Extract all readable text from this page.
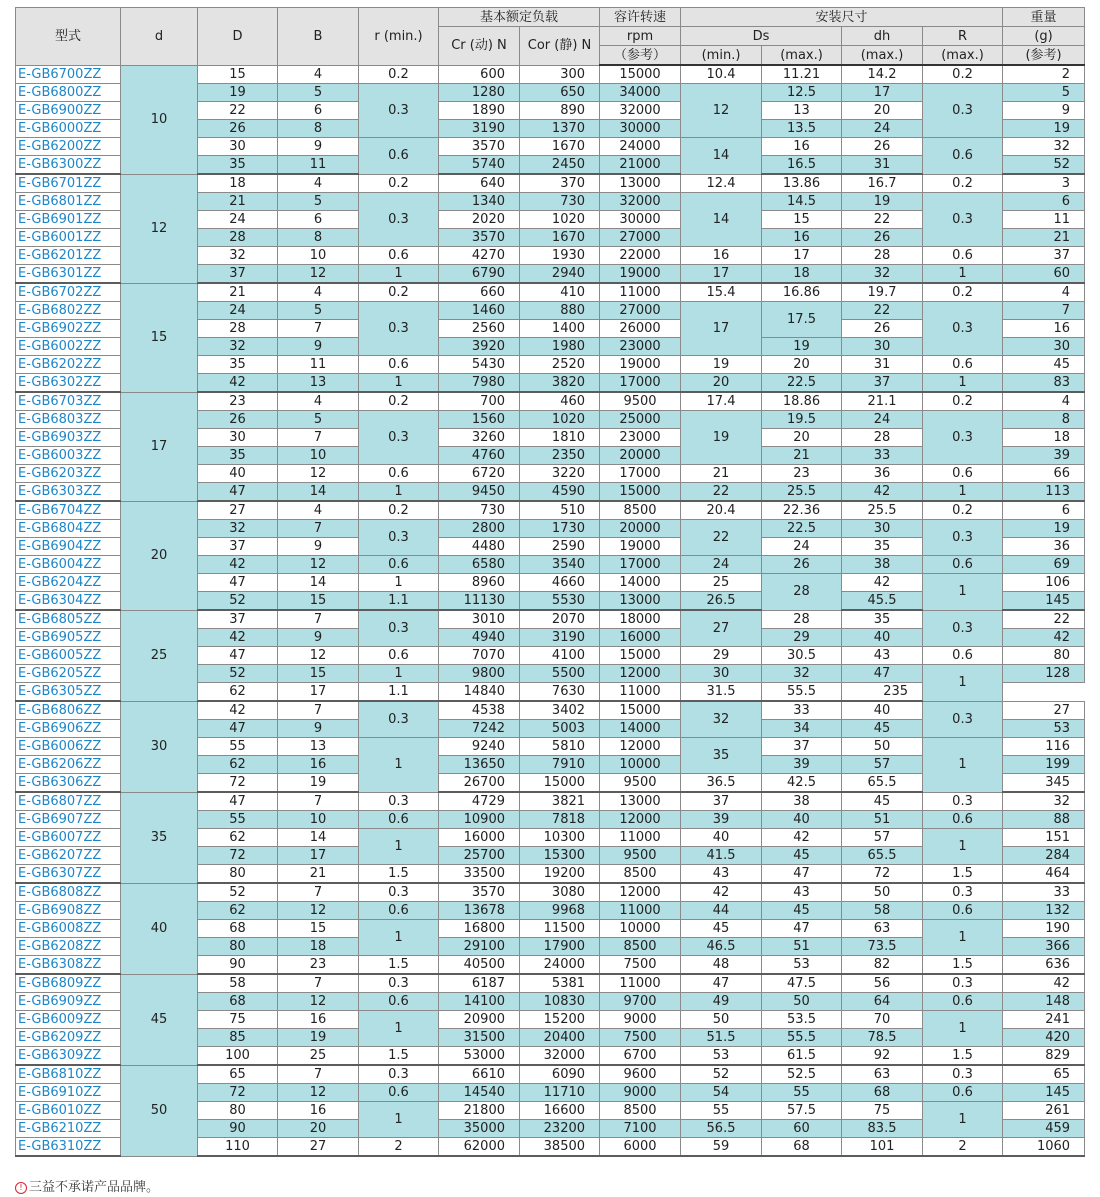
型式	d	D	B	r (min.)	基本额定负载		容许转速	安装尺寸				重量
					Cr (动) N	Cor (静) N	rpm	Ds		dh	R	(g)
							（参考）	(min.)	(max.)	(max.)	(max.)	(参考)
E-GB6700ZZ	10	15	4	0.2	600	300	15000	10.4	11.21	14.2	0.2	2
E-GB6800ZZ		19	5	0.3	1280	650	34000	12	12.5	17	0.3	5
E-GB6900ZZ		22	6		1890	890	32000		13	20		9
E-GB6000ZZ		26	8		3190	1370	30000		13.5	24		19
E-GB6200ZZ		30	9	0.6	3570	1670	24000	14	16	26	0.6	32
E-GB6300ZZ		35	11		5740	2450	21000		16.5	31		52
E-GB6701ZZ	12	18	4	0.2	640	370	13000	12.4	13.86	16.7	0.2	3
E-GB6801ZZ		21	5	0.3	1340	730	32000	14	14.5	19	0.3	6
E-GB6901ZZ		24	6		2020	1020	30000		15	22		11
E-GB6001ZZ		28	8		3570	1670	27000		16	26		21
E-GB6201ZZ		32	10	0.6	4270	1930	22000	16	17	28	0.6	37
E-GB6301ZZ		37	12	1	6790	2940	19000	17	18	32	1	60
E-GB6702ZZ	15	21	4	0.2	660	410	11000	15.4	16.86	19.7	0.2	4
E-GB6802ZZ		24	5	0.3	1460	880	27000	17	17.5	22	0.3	7
E-GB6902ZZ		28	7		2560	1400	26000			26		16
E-GB6002ZZ		32	9		3920	1980	23000		19	30		30
E-GB6202ZZ		35	11	0.6	5430	2520	19000	19	20	31	0.6	45
E-GB6302ZZ		42	13	1	7980	3820	17000	20	22.5	37	1	83
E-GB6703ZZ	17	23	4	0.2	700	460	9500	17.4	18.86	21.1	0.2	4
E-GB6803ZZ		26	5	0.3	1560	1020	25000	19	19.5	24	0.3	8
E-GB6903ZZ		30	7		3260	1810	23000		20	28		18
E-GB6003ZZ		35	10		4760	2350	20000		21	33		39
E-GB6203ZZ		40	12	0.6	6720	3220	17000	21	23	36	0.6	66
E-GB6303ZZ		47	14	1	9450	4590	15000	22	25.5	42	1	113
E-GB6704ZZ	20	27	4	0.2	730	510	8500	20.4	22.36	25.5	0.2	6
E-GB6804ZZ		32	7	0.3	2800	1730	20000	22	22.5	30	0.3	19
E-GB6904ZZ		37	9		4480	2590	19000		24	35		36
E-GB6004ZZ		42	12	0.6	6580	3540	17000	24	26	38	0.6	69
E-GB6204ZZ		47	14	1	8960	4660	14000	25	28	42	1	106
E-GB6304ZZ		52	15	1.1	11130	5530	13000	26.5		45.5		145
E-GB6805ZZ	25	37	7	0.3	3010	2070	18000	27	28	35	0.3	22
E-GB6905ZZ		42	9		4940	3190	16000		29	40		42
E-GB6005ZZ		47	12	0.6	7070	4100	15000	29	30.5	43	0.6	80
E-GB6205ZZ		52	15	1	9800	5500	12000	30	32	47	1	128
E-GB6305ZZ		62	17	1.1	14840	7630	11000	31.5	55.5	235		
E-GB6806ZZ	30	42	7	0.3	4538	3402	15000	32	33	40	0.3	27
E-GB6906ZZ		47	9		7242	5003	14000		34	45		53
E-GB6006ZZ		55	13	1	9240	5810	12000	35	37	50	1	116
E-GB6206ZZ		62	16		13650	7910	10000		39	57		199
E-GB6306ZZ		72	19		26700	15000	9500	36.5	42.5	65.5		345
E-GB6807ZZ	35	47	7	0.3	4729	3821	13000	37	38	45	0.3	32
E-GB6907ZZ		55	10	0.6	10900	7818	12000	39	40	51	0.6	88
E-GB6007ZZ		62	14	1	16000	10300	11000	40	42	57	1	151
E-GB6207ZZ		72	17		25700	15300	9500	41.5	45	65.5		284
E-GB6307ZZ		80	21	1.5	33500	19200	8500	43	47	72	1.5	464
E-GB6808ZZ	40	52	7	0.3	3570	3080	12000	42	43	50	0.3	33
E-GB6908ZZ		62	12	0.6	13678	9968	11000	44	45	58	0.6	132
E-GB6008ZZ		68	15	1	16800	11500	10000	45	47	63	1	190
E-GB6208ZZ		80	18		29100	17900	8500	46.5	51	73.5		366
E-GB6308ZZ		90	23	1.5	40500	24000	7500	48	53	82	1.5	636
E-GB6809ZZ	45	58	7	0.3	6187	5381	11000	47	47.5	56	0.3	42
E-GB6909ZZ		68	12	0.6	14100	10830	9700	49	50	64	0.6	148
E-GB6009ZZ		75	16	1	20900	15200	9000	50	53.5	70	1	241
E-GB6209ZZ		85	19		31500	20400	7500	51.5	55.5	78.5		420
E-GB6309ZZ		100	25	1.5	53000	32000	6700	53	61.5	92	1.5	829
E-GB6810ZZ	50	65	7	0.3	6610	6090	9600	52	52.5	63	0.3	65
E-GB6910ZZ		72	12	0.6	14540	11710	9000	54	55	68	0.6	145
E-GB6010ZZ		80	16	1	21800	16600	8500	55	57.5	75	1	261
E-GB6210ZZ		90	20		35000	23200	7100	56.5	60	83.5		459
E-GB6310ZZ		110	27	2	62000	38500	6000	59	68	101	2	1060
! 三益不承诺产品品牌。
